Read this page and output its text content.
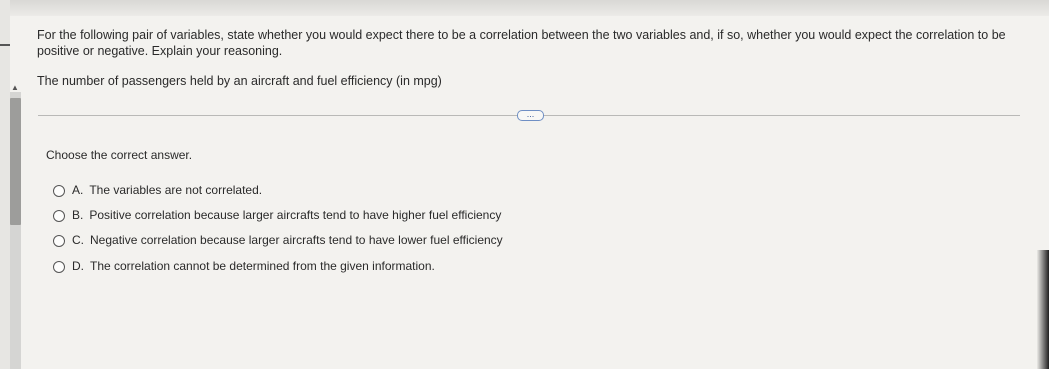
▲
For the following pair of variables, state whether you would expect there to be a correlation between the two variables and, if so, whether you would expect the correlation to be positive or negative. Explain your reasoning.
The number of passengers held by an aircraft and fuel efficiency (in mpg)
...
Choose the correct answer.
A. The variables are not correlated.
B. Positive correlation because larger aircrafts tend to have higher fuel efficiency
C. Negative correlation because larger aircrafts tend to have lower fuel efficiency
D. The correlation cannot be determined from the given information.
